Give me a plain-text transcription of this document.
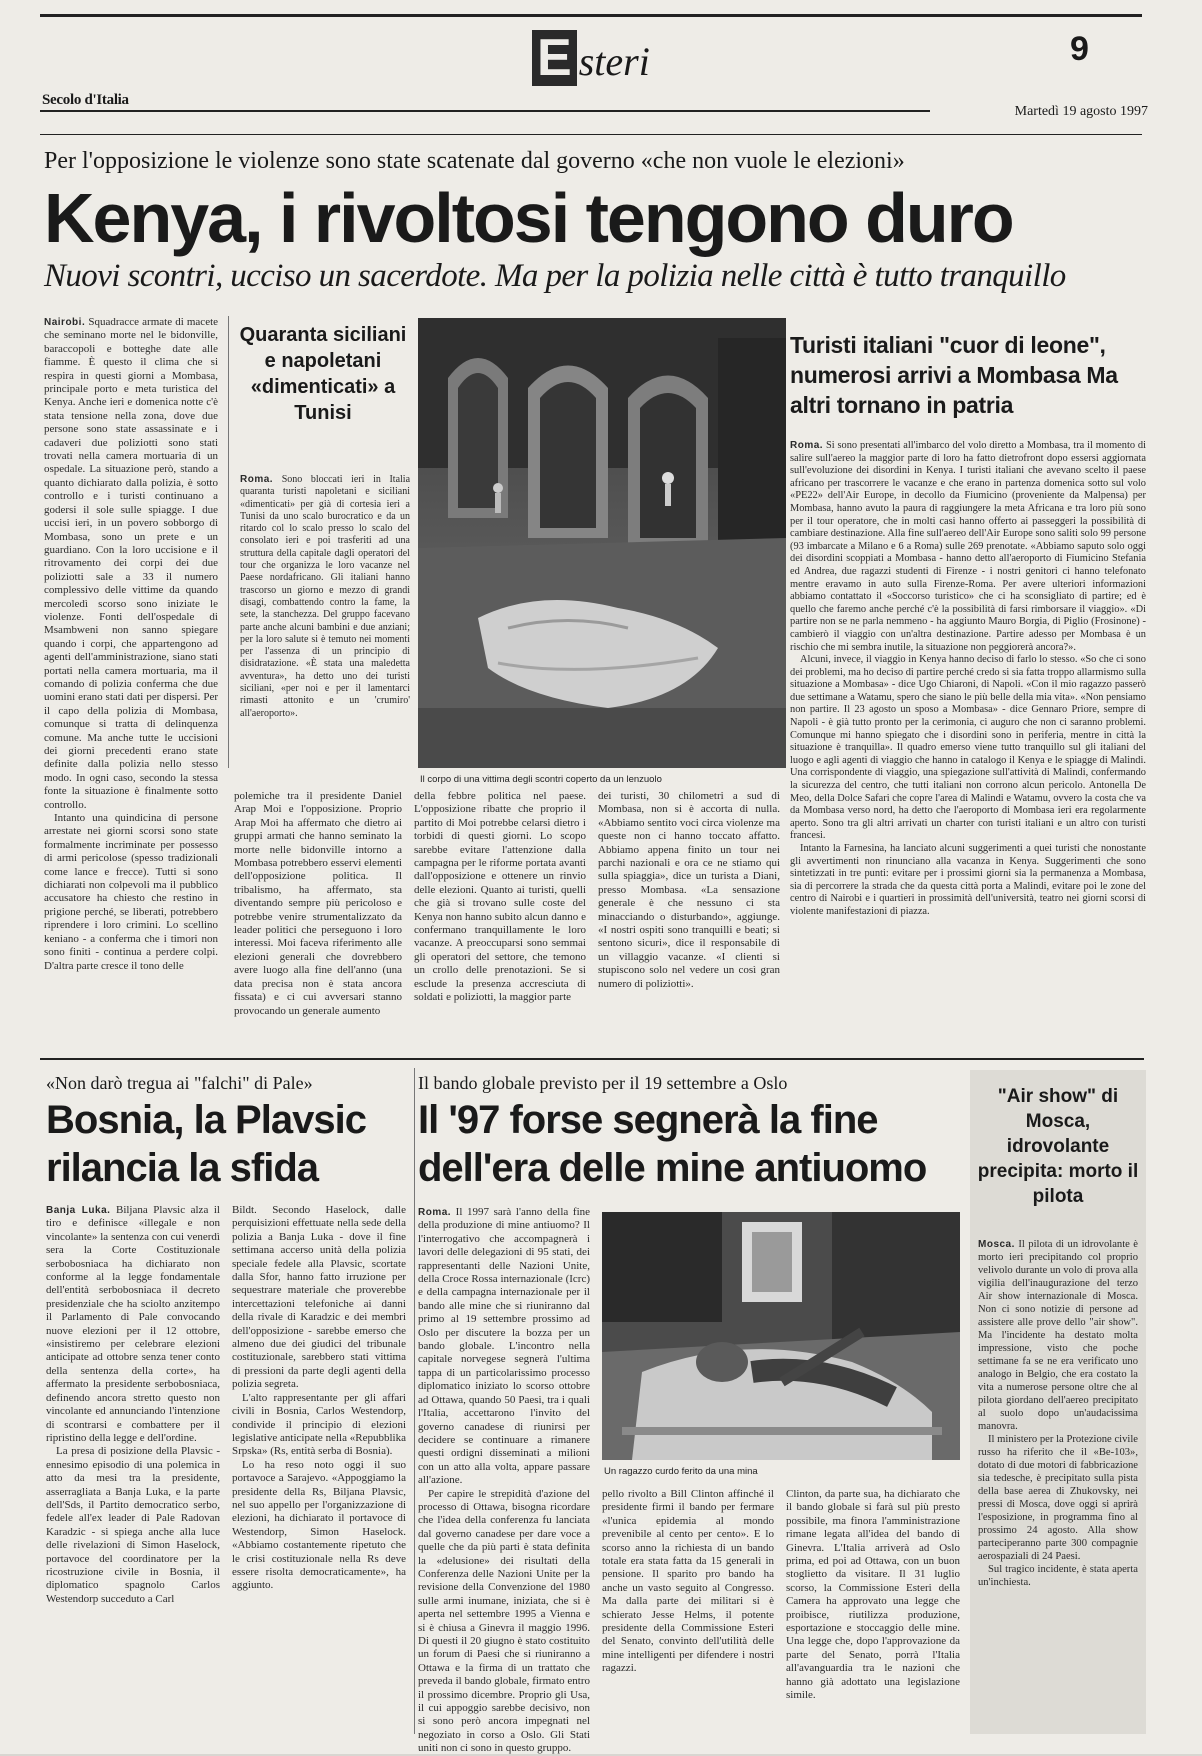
E steri	9
Secolo d'Italia
Martedì 19 agosto 1997
Per l'opposizione le violenze sono state scatenate dal governo «che non vuole le elezioni»
Kenya, i rivoltosi tengono duro
Nuovi scontri, ucciso un sacerdote. Ma per la polizia nelle città è tutto tranquillo

Nairobi. Squadracce armate di macete che seminano morte nel le bidonville, baraccopoli e botteghe date alle fiamme. È questo il clima che si respira in questi giorni a Mombasa, principale porto e meta turistica del Kenya. Anche ieri e domenica notte c'è stata tensione nella zona, dove due persone sono state assassinate e i cadaveri due poliziotti sono stati trovati nella camera mortuaria di un ospedale. La situazione però, stando a quanto dichiarato dalla polizia, è sotto controllo e i turisti continuano a godersi il sole sulle spiagge. I due uccisi ieri, in un povero sobborgo di Mombasa, sono un prete e un guardiano. Con la loro uccisione e il ritrovamento dei corpi dei due poliziotti sale a 33 il numero complessivo delle vittime da quando mercoledì scorso sono iniziate le violenze. Fonti dell'ospedale di Msambweni non sanno spiegare quando i corpi, che appartengono ad agenti dell'amministrazione, siano stati portati nella camera mortuaria, ma il comando di polizia conferma che due uomini erano stati dati per dispersi. Per il capo della polizia di Mombasa, comunque si tratta di delinquenza comune. Ma anche tutte le uccisioni dei giorni precedenti erano state definite dalla polizia nello stesso modo. In ogni caso, secondo la stessa fonte la situazione è finalmente sotto controllo.

Intanto una quindicina di persone arrestate nei giorni scorsi sono state formalmente incriminate per possesso di armi pericolose (spesso tradizionali come lance e frecce). Tutti si sono dichiarati non colpevoli ma il pubblico accusatore ha chiesto che restino in prigione perché, se liberati, potrebbero riprendere i loro crimini. Lo scellino keniano - a conferma che i timori non sono finiti - continua a perdere colpi. D'altra parte cresce il tono delle

Quaranta siciliani e napoletani «dimenticati» a Tunisi

Roma. Sono bloccati ieri in Italia quaranta turisti napoletani e siciliani «dimenticati» per già di cortesia ieri a Tunisi da uno scalo burocratico e da un ritardo col lo scalo presso lo scalo del consolato ieri e poi trasferiti ad una struttura della capitale dagli operatori del tour che organizza le loro vacanze nel Paese nordafricano. Gli italiani hanno trascorso un giorno e mezzo di grandi disagi, combattendo contro la fame, la sete, la stanchezza. Del gruppo facevano parte anche alcuni bambini e due anziani; per la loro salute si è temuto nei momenti per l'assenza di un principio di disidratazione. «È stata una maledetta avventura», ha detto uno dei turisti siciliani, «per noi e per il lamentarci rimasti attonito e un 'crumiro' all'aeroporto».

Il corpo di una vittima degli scontri coperto da un lenzuolo

polemiche tra il presidente Daniel Arap Moi e l'opposizione. Proprio Arap Moi ha affermato che dietro ai gruppi armati che hanno seminato la morte nelle bidonville intorno a Mombasa potrebbero esservi elementi dell'opposizione politica. Il tribalismo, ha affermato, sta diventando sempre più pericoloso e potrebbe venire strumentalizzato da leader politici che perseguono i loro interessi. Moi faceva riferimento alle elezioni generali che dovrebbero avere luogo alla fine dell'anno (una data precisa non è stata ancora fissata) e ci cui avversari stanno provocando un generale aumento

della febbre politica nel paese. L'opposizione ribatte che proprio il partito di Moi potrebbe celarsi dietro i torbidi di questi giorni. Lo scopo sarebbe evitare l'attenzione dalla campagna per le riforme portata avanti dall'opposizione e ottenere un rinvio delle elezioni. Quanto ai turisti, quelli che già si trovano sulle coste del Kenya non hanno subito alcun danno e confermano tranquillamente le loro vacanze. A preoccuparsi sono semmai gli operatori del settore, che temono un crollo delle prenotazioni. Se si esclude la presenza accresciuta di soldati e poliziotti, la maggior parte

dei turisti, 30 chilometri a sud di Mombasa, non si è accorta di nulla. «Abbiamo sentito voci circa violenze ma queste non ci hanno toccato affatto. Abbiamo appena finito un tour nei parchi nazionali e ora ce ne stiamo qui sulla spiaggia», dice un turista a Diani, presso Mombasa. «La sensazione generale è che nessuno ci sta minacciando o disturbando», aggiunge. «I nostri ospiti sono tranquilli e beati; si sentono sicuri», dice il responsabile di un villaggio vacanze. «I clienti si stupiscono solo nel vedere un così gran numero di poliziotti».

Turisti italiani "cuor di leone", numerosi arrivi a Mombasa Ma altri tornano in patria

Roma. Si sono presentati all'imbarco del volo diretto a Mombasa, tra il momento di salire sull'aereo la maggior parte di loro ha fatto dietrofront dopo essersi aggiornata sull'evoluzione dei disordini in Kenya. I turisti italiani che avevano scelto il paese africano per trascorrere le vacanze e che erano in partenza domenica sotto sul volo «PE22» dell'Air Europe, in decollo da Fiumicino (proveniente da Malpensa) per Mombasa, hanno avuto la paura di raggiungere la meta Africana e tra loro più sono per il tour operatore, che in molti casi hanno offerto ai passeggeri la possibilità di cambiare destinazione. Alla fine sull'aereo dell'Air Europe sono saliti solo 99 persone (93 imbarcate a Milano e 6 a Roma) sulle 269 prenotate. «Abbiamo saputo solo oggi dei disordini scoppiati a Mombasa - hanno detto all'aeroporto di Fiumicino Stefania ed Andrea, due ragazzi studenti di Firenze - i nostri genitori ci hanno telefonato mentre eravamo in auto sulla Firenze-Roma. Per avere ulteriori informazioni abbiamo contattato il «Soccorso turistico» che ci ha sconsigliato di partire; ed è quello che faremo anche perché c'è la possibilità di farsi rimborsare il viaggio». «Di partire non se ne parla nemmeno - ha aggiunto Mauro Borgia, di Piglio (Frosinone) - cambierò il viaggio con un'altra destinazione. Partire adesso per Mombasa è un rischio che mi sembra inutile, la situazione non peggiorerà ancora?».

Alcuni, invece, il viaggio in Kenya hanno deciso di farlo lo stesso. «So che ci sono dei problemi, ma ho deciso di partire perché credo si sia fatta troppo allarmismo sulla situazione a Mombasa» - dice Ugo Chiaroni, di Napoli. «Con il mio ragazzo passerò due settimane a Watamu, spero che siano le più belle della mia vita». «Non pensiamo non partire. Il 23 agosto un sposo a Mombasa» - dice Gennaro Priore, sempre di Napoli - è già tutto pronto per la cerimonia, ci auguro che non ci saranno problemi. Comunque mi hanno spiegato che i disordini sono in periferia, mentre in città la situazione è tranquilla». Il quadro emerso viene tutto tranquillo sul gli italiani del luogo e agli agenti di viaggio che hanno in catalogo il Kenya e le spiagge di Malindi. Una corrispondente di viaggio, una spiegazione sull'attività di Malindi, confermando la sicurezza del centro, che tutti italiani non corrono alcun pericolo. Antonella De Meo, della Dolce Safari che copre l'area di Malindi e Watamu, ovvero la costa che va da Mombasa verso nord, ha detto che l'aeroporto di Mombasa ieri era regolarmente aperto. Sono tra gli altri arrivati un charter con turisti italiani e un altro con turisti francesi.

Intanto la Farnesina, ha lanciato alcuni suggerimenti a quei turisti che nonostante gli avvertimenti non rinunciano alla vacanza in Kenya. Suggerimenti che sono sintetizzati in tre punti: evitare per i prossimi giorni sia la permanenza a Mombasa, sia di percorrere la strada che da questa città porta a Malindi, evitare poi le zone del centro di Nairobi e i quartieri in prossimità dell'università, teatro nei giorni scorsi di violente manifestazioni di piazza.

«Non darò tregua ai "falchi" di Pale»
Bosnia, la Plavsic rilancia la sfida

Banja Luka. Biljana Plavsic alza il tiro e definisce «illegale e non vincolante» la sentenza con cui venerdì sera la Corte Costituzionale serbobosniaca ha dichiarato non conforme al la legge fondamentale dell'entità serbobosniaca il decreto presidenziale che ha sciolto anzitempo il Parlamento di Pale convocando nuove elezioni per il 12 ottobre, «insistiremo per celebrare elezioni anticipate ad ottobre senza tener conto della sentenza della corte», ha affermato la presidente serbobosniaca, definendo ancora stretto questo non vincolante ed annunciando l'intenzione di scontrarsi e combattere per il ripristino della legge e dell'ordine.

La presa di posizione della Plavsic - ennesimo episodio di una polemica in atto da mesi tra la presidente, asserragliata a Banja Luka, e la parte dell'Sds, il Partito democratico serbo, fedele all'ex leader di Pale Radovan Karadzic - si spiega anche alla luce delle rivelazioni di Simon Haselock, portavoce del coordinatore per la ricostruzione civile in Bosnia, il diplomatico spagnolo Carlos Westendorp succeduto a Carl

Bildt. Secondo Haselock, dalle perquisizioni effettuate nella sede della polizia a Banja Luka - dove il fine settimana accerso unità della polizia speciale fedele alla Plavsic, scortate dalla Sfor, hanno fatto irruzione per sequestrare materiale che proverebbe intercettazioni telefoniche ai danni della rivale di Karadzic e dei membri dell'opposizione - sarebbe emerso che almeno due dei giudici del tribunale costituzionale, sarebbero stati vittima di pressioni da parte degli agenti della polizia segreta.

L'alto rappresentante per gli affari civili in Bosnia, Carlos Westendorp, condivide il principio di elezioni legislative anticipate nella «Repubblika Srpska» (Rs, entità serba di Bosnia).

Lo ha reso noto oggi il suo portavoce a Sarajevo. «Appoggiamo la presidente della Rs, Biljana Plavsic, nel suo appello per l'organizzazione di elezioni, ha dichiarato il portavoce di Westendorp, Simon Haselock. «Abbiamo costantemente ripetuto che le crisi costituzionale nella Rs deve essere risolta democraticamente», ha aggiunto.

Il bando globale previsto per il 19 settembre a Oslo
Il '97 forse segnerà la fine dell'era delle mine antiuomo

Roma. Il 1997 sarà l'anno della fine della produzione di mine antiuomo? Il l'interrogativo che accompagnerà i lavori delle delegazioni di 95 stati, dei rappresentanti delle Nazioni Unite, della Croce Rossa internazionale (Icrc) e della campagna internazionale per il bando alle mine che si riuniranno dal primo al 19 settembre prossimo ad Oslo per discutere la bozza per un bando globale. L'incontro nella capitale norvegese segnerà l'ultima tappa di un particolarissimo processo diplomatico iniziato lo scorso ottobre ad Ottawa, quando 50 Paesi, tra i quali l'Italia, accettarono l'invito del governo canadese di riunirsi per decidere se continuare a rimanere questi ordigni disseminati a milioni con un atto alla volta, appare passare all'azione.

Per capire le strepidità d'azione del processo di Ottawa, bisogna ricordare che l'idea della conferenza fu lanciata dal governo canadese per dare voce a quelle che da più parti è stata definita la «delusione» dei risultati della Conferenza delle Nazioni Unite per la revisione della Convenzione del 1980 sulle armi inumane, iniziata, che si è aperta nel settembre 1995 a Vienna e si è chiusa a Ginevra il maggio 1996. Di questi il 20 giugno è stato costituito un forum di Paesi che si riuniranno a Ottawa e la firma di un trattato che preveda il bando globale, firmato entro il prossimo dicembre. Proprio gli Usa, il cui appoggio sarebbe decisivo, non si sono però ancora impegnati nel negoziato in corso a Oslo. Gli Stati uniti non ci sono in questo gruppo.

Un ragazzo curdo ferito da una mina

pello rivolto a Bill Clinton affinché il presidente firmi il bando per fermare «l'unica epidemia al mondo prevenibile al cento per cento». E lo scorso anno la richiesta di un bando totale era stata fatta da 15 generali in pensione. Il sparito pro bando ha anche un vasto seguito al Congresso. Ma dalla parte dei militari si è schierato Jesse Helms, il potente presidente della Commissione Esteri del Senato, convinto dell'utilità delle mine intelligenti per difendere i nostri ragazzi.

Clinton, da parte sua, ha dichiarato che il bando globale si farà sul più presto possibile, ma finora l'amministrazione rimane legata all'idea del bando di Ginevra. L'Italia arriverà ad Oslo prima, ed poi ad Ottawa, con un buon stoglietto da visitare. Il 31 luglio scorso, la Commissione Esteri della Camera ha approvato una legge che proibisce, riutilizza produzione, esportazione e stoccaggio delle mine. Una legge che, dopo l'approvazione da parte del Senato, porrà l'Italia all'avanguardia tra le nazioni che hanno già adottato una legislazione simile.

"Air show" di Mosca, idrovolante precipita: morto il pilota

Mosca. Il pilota di un idrovolante è morto ieri precipitando col proprio velivolo durante un volo di prova alla vigilia dell'inaugurazione del terzo Air show internazionale di Mosca. Non ci sono notizie di persone ad assistere alle prove dello "air show". Ma l'incidente ha destato molta impressione, visto che poche settimane fa se ne era verificato uno analogo in Belgio, che era costato la vita a numerose persone oltre che al pilota giordano dell'aereo precipitato al suolo dopo un'audacissima manovra.

Il ministero per la Protezione civile russo ha riferito che il «Be-103», dotato di due motori di fabbricazione sia tedesche, è precipitato sulla pista della base aerea di Zhukovsky, nei pressi di Mosca, dove oggi si aprirà l'esposizione, in programma fino al prossimo 24 agosto. Alla show parteciperanno parte 300 compagnie aerospaziali di 24 Paesi.

Sul tragico incidente, è stata aperta un'inchiesta.
